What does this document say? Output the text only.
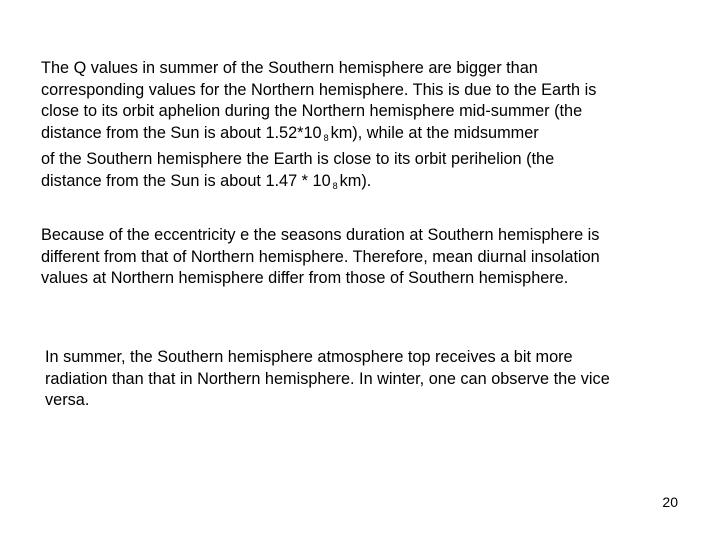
The Q values in summer of the Southern hemisphere are bigger than
corresponding values for the Northern hemisphere. This is due to the Earth is
close to its orbit aphelion during the Northern hemisphere mid-summer (the
distance from the Sun is about 1.52*10 $^8$ km), while at the midsummer
of the Southern hemisphere the Earth is close to its orbit perihelion (the
distance from the Sun is about 1.47 * 10 $^8$ km).
Because of the eccentricity e the seasons duration at Southern hemisphere is
different from that of Northern hemisphere. Therefore, mean diurnal insolation
values at Northern hemisphere differ from those of Southern hemisphere.
In summer, the Southern hemisphere atmosphere top receives a bit more
radiation than that in Northern hemisphere. In winter, one can observe the vice
versa.
20
